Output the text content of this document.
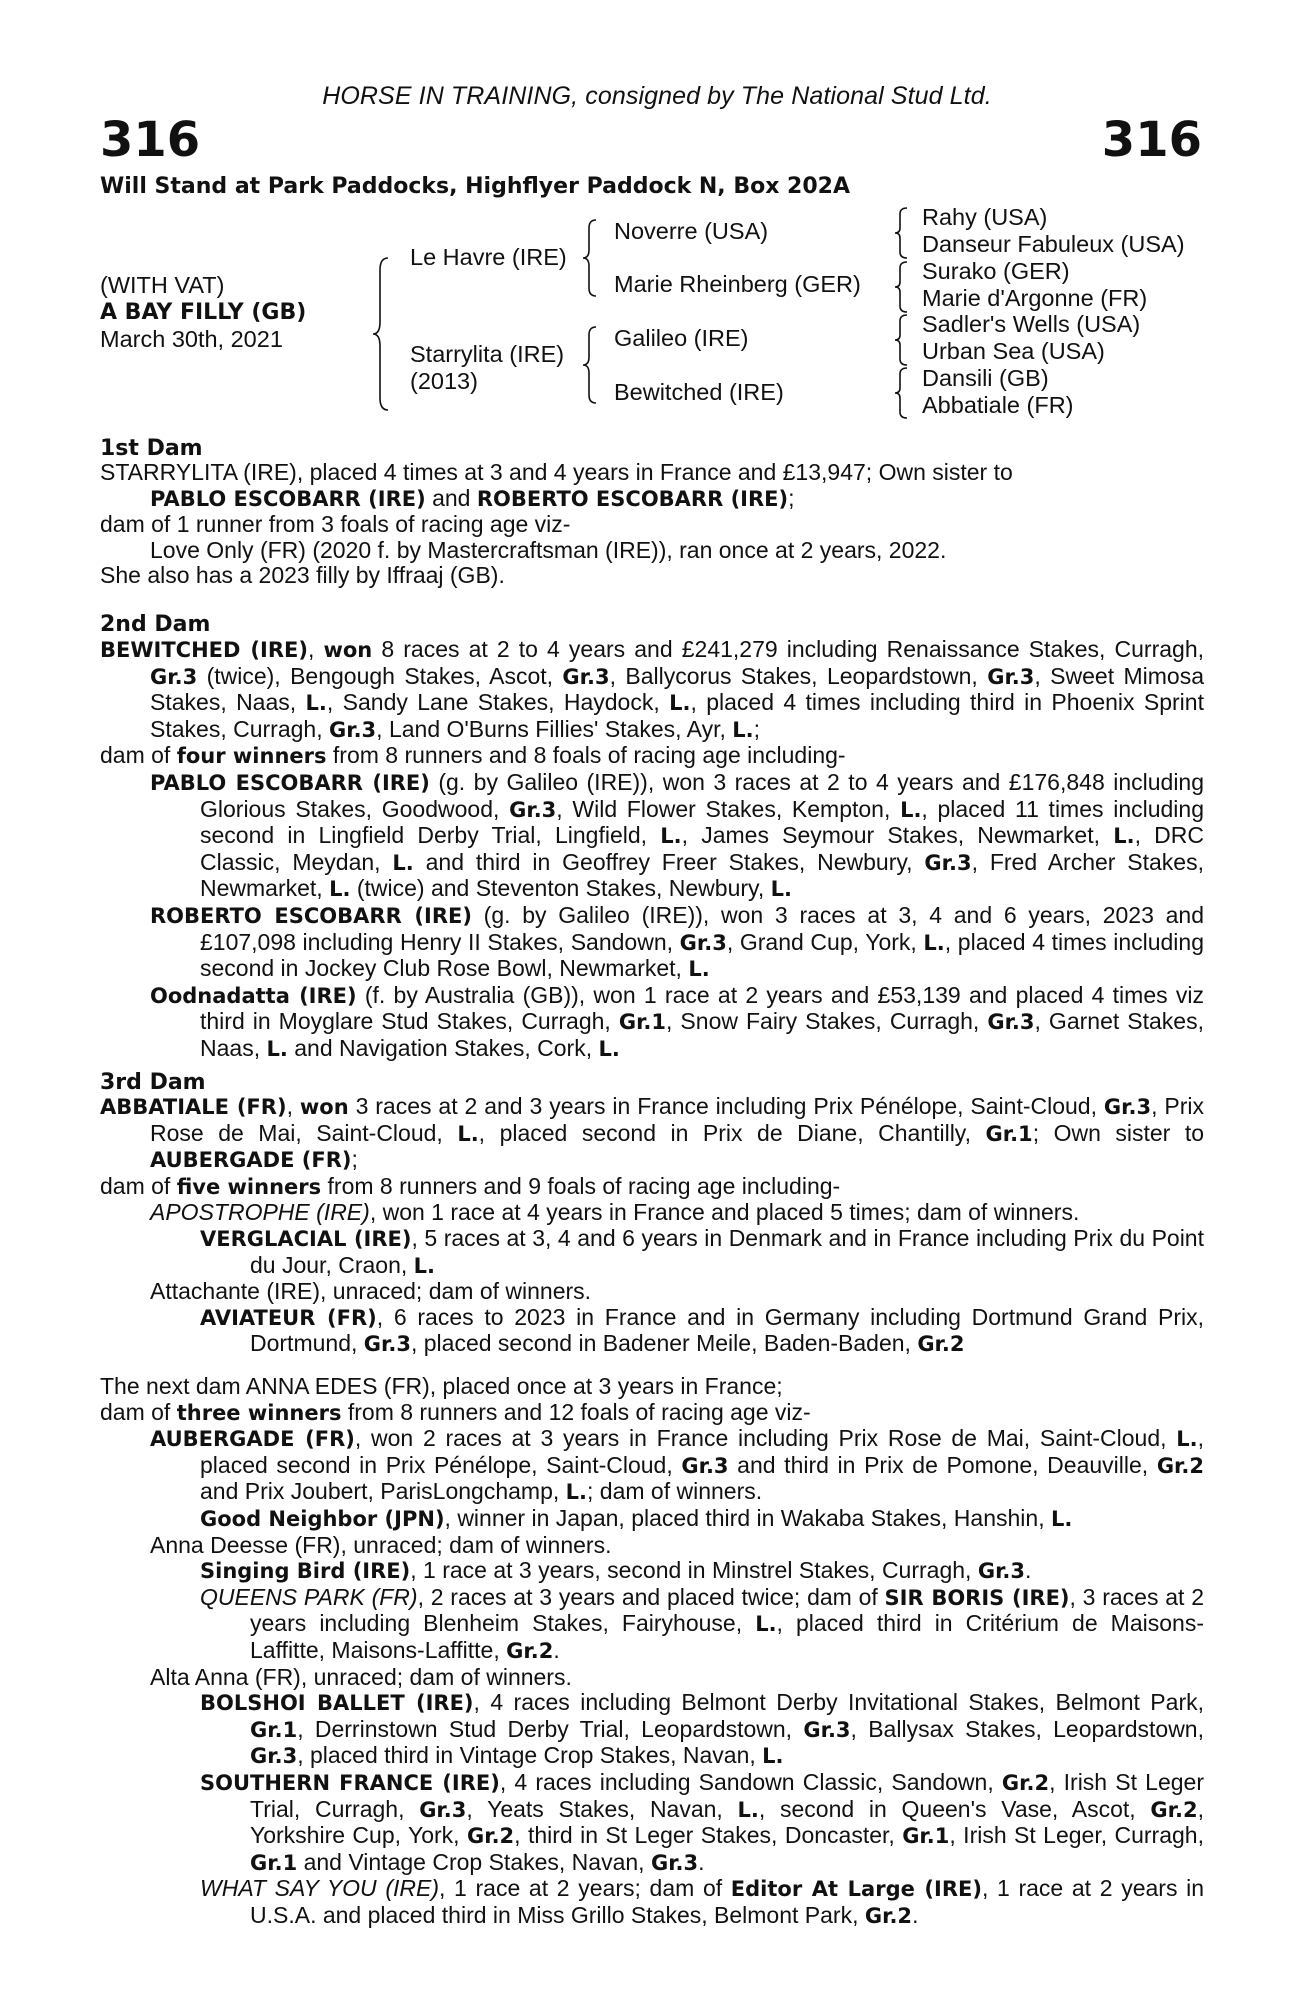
HORSE IN TRAINING, consigned by The National Stud Ltd.
316	316
Will Stand at Park Paddocks, Highflyer Paddock N, Box 202A
(WITH VAT)
A BAY FILLY (GB)
March 30th, 2021
Le Havre (IRE)
Starrylita (IRE)
(2013)
Noverre (USA)
Marie Rheinberg (GER)
Galileo (IRE)
Bewitched (IRE)
Rahy (USA)
Danseur Fabuleux (USA)
Surako (GER)
Marie d'Argonne (FR)
Sadler's Wells (USA)
Urban Sea (USA)
Dansili (GB)
Abbatiale (FR)
1st Dam

STARRYLITA (IRE), placed 4 times at 3 and 4 years in France and £13,947; Own sister to

PABLO ESCOBARR (IRE) and ROBERTO ESCOBARR (IRE);

dam of 1 runner from 3 foals of racing age viz-

Love Only (FR) (2020 f. by Mastercraftsman (IRE)), ran once at 2 years, 2022.

She also has a 2023 filly by Iffraaj (GB).

2nd Dam

BEWITCHED (IRE), won 8 races at 2 to 4 years and £241,279 including Renaissance Stakes, Curragh, Gr.3 (twice), Bengough Stakes, Ascot, Gr.3, Ballycorus Stakes, Leopardstown, Gr.3, Sweet Mimosa Stakes, Naas, L., Sandy Lane Stakes, Haydock, L., placed 4 times including third in Phoenix Sprint Stakes, Curragh, Gr.3, Land O'Burns Fillies' Stakes, Ayr, L.;

dam of four winners from 8 runners and 8 foals of racing age including-

PABLO ESCOBARR (IRE) (g. by Galileo (IRE)), won 3 races at 2 to 4 years and £176,848 including Glorious Stakes, Goodwood, Gr.3, Wild Flower Stakes, Kempton, L., placed 11 times including second in Lingfield Derby Trial, Lingfield, L., James Seymour Stakes, Newmarket, L., DRC Classic, Meydan, L. and third in Geoffrey Freer Stakes, Newbury, Gr.3, Fred Archer Stakes, Newmarket, L. (twice) and Steventon Stakes, Newbury, L.

ROBERTO ESCOBARR (IRE) (g. by Galileo (IRE)), won 3 races at 3, 4 and 6 years, 2023 and £107,098 including Henry II Stakes, Sandown, Gr.3, Grand Cup, York, L., placed 4 times including second in Jockey Club Rose Bowl, Newmarket, L.

Oodnadatta (IRE) (f. by Australia (GB)), won 1 race at 2 years and £53,139 and placed 4 times viz third in Moyglare Stud Stakes, Curragh, Gr.1, Snow Fairy Stakes, Curragh, Gr.3, Garnet Stakes, Naas, L. and Navigation Stakes, Cork, L.

3rd Dam

ABBATIALE (FR), won 3 races at 2 and 3 years in France including Prix Pénélope, Saint-Cloud, Gr.3, Prix Rose de Mai, Saint-Cloud, L., placed second in Prix de Diane, Chantilly, Gr.1; Own sister to AUBERGADE (FR);

dam of five winners from 8 runners and 9 foals of racing age including-

APOSTROPHE (IRE), won 1 race at 4 years in France and placed 5 times; dam of winners.

VERGLACIAL (IRE), 5 races at 3, 4 and 6 years in Denmark and in France including Prix du Point du Jour, Craon, L.

Attachante (IRE), unraced; dam of winners.

AVIATEUR (FR), 6 races to 2023 in France and in Germany including Dortmund Grand Prix, Dortmund, Gr.3, placed second in Badener Meile, Baden-Baden, Gr.2

The next dam ANNA EDES (FR), placed once at 3 years in France;

dam of three winners from 8 runners and 12 foals of racing age viz-

AUBERGADE (FR), won 2 races at 3 years in France including Prix Rose de Mai, Saint-Cloud, L., placed second in Prix Pénélope, Saint-Cloud, Gr.3 and third in Prix de Pomone, Deauville, Gr.2 and Prix Joubert, ParisLongchamp, L.; dam of winners.

Good Neighbor (JPN), winner in Japan, placed third in Wakaba Stakes, Hanshin, L.

Anna Deesse (FR), unraced; dam of winners.

Singing Bird (IRE), 1 race at 3 years, second in Minstrel Stakes, Curragh, Gr.3.

QUEENS PARK (FR), 2 races at 3 years and placed twice; dam of SIR BORIS (IRE), 3 races at 2 years including Blenheim Stakes, Fairyhouse, L., placed third in Critérium de Maisons-Laffitte, Maisons-Laffitte, Gr.2.

Alta Anna (FR), unraced; dam of winners.

BOLSHOI BALLET (IRE), 4 races including Belmont Derby Invitational Stakes, Belmont Park, Gr.1, Derrinstown Stud Derby Trial, Leopardstown, Gr.3, Ballysax Stakes, Leopardstown, Gr.3, placed third in Vintage Crop Stakes, Navan, L.

SOUTHERN FRANCE (IRE), 4 races including Sandown Classic, Sandown, Gr.2, Irish St Leger Trial, Curragh, Gr.3, Yeats Stakes, Navan, L., second in Queen's Vase, Ascot, Gr.2, Yorkshire Cup, York, Gr.2, third in St Leger Stakes, Doncaster, Gr.1, Irish St Leger, Curragh, Gr.1 and Vintage Crop Stakes, Navan, Gr.3.

WHAT SAY YOU (IRE), 1 race at 2 years; dam of Editor At Large (IRE), 1 race at 2 years in U.S.A. and placed third in Miss Grillo Stakes, Belmont Park, Gr.2.
